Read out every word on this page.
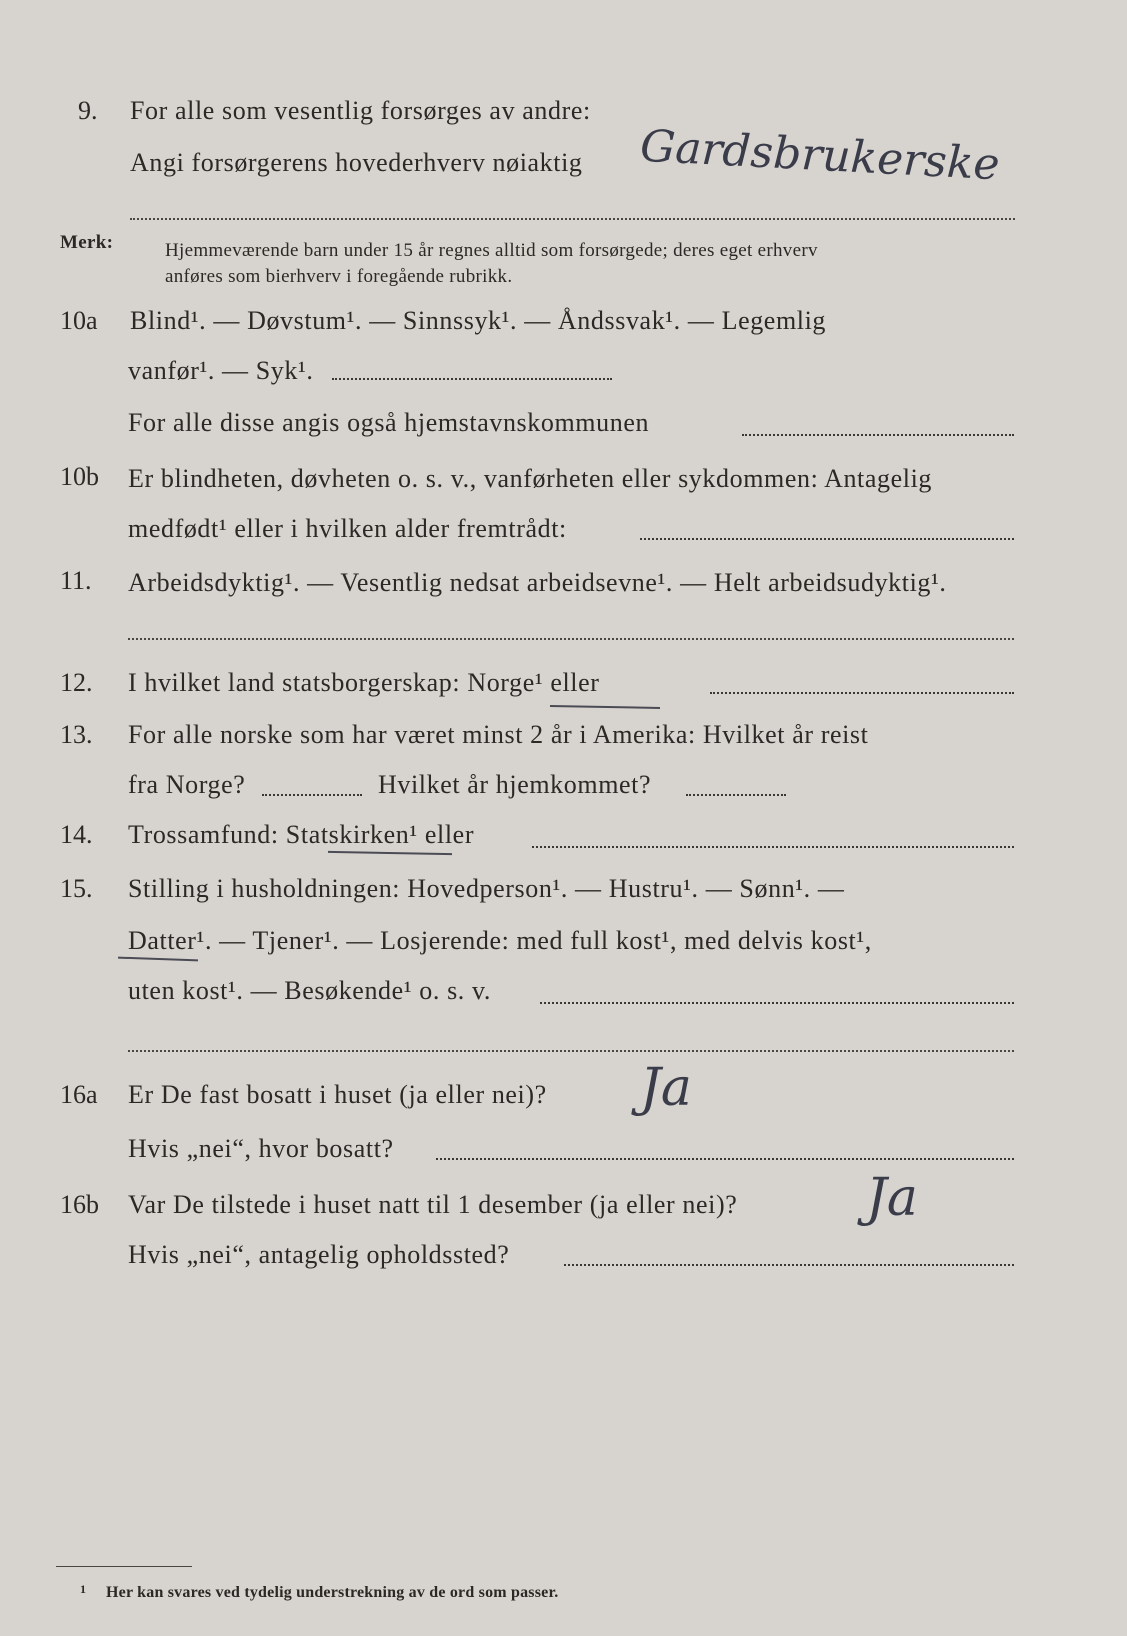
9. For alle som vesentlig forsørges av andre:
Angi forsørgerens hovederhverv nøiaktig Gardsbrukerske
Merk:	Hjemmeværende barn under 15 år regnes alltid som forsørgede; deres eget erhverv
anføres som bierhverv i foregående rubrikk.
10a Blind¹. — Døvstum¹. — Sinnssyk¹. — Åndssvak¹. — Legemlig
vanfør¹. — Syk¹.
For alle disse angis også hjemstavnskommunen
10b Er blindheten, døvheten o. s. v., vanførheten eller sykdommen: Antagelig
medfødt¹ eller i hvilken alder fremtrådt:
11. Arbeidsdyktig¹. — Vesentlig nedsat arbeidsevne¹. — Helt arbeidsudyktig¹.
12. I hvilket land statsborgerskap: Norge¹ eller
13. For alle norske som har været minst 2 år i Amerika: Hvilket år reist
fra Norge?	Hvilket år hjemkommet?
14. Trossamfund: Statskirken¹ eller
15. Stilling i husholdningen: Hovedperson¹. — Hustru¹. — Sønn¹. —
Datter¹. — Tjener¹. — Losjerende: med full kost¹, med delvis kost¹,
uten kost¹. — Besøkende¹ o. s. v.
16a Er De fast bosatt i huset (ja eller nei)? Ja
Hvis „nei“, hvor bosatt?
16b Var De tilstede i huset natt til 1 desember (ja eller nei)? Ja
Hvis „nei“, antagelig opholdssted?
1 Her kan svares ved tydelig understrekning av de ord som passer.
